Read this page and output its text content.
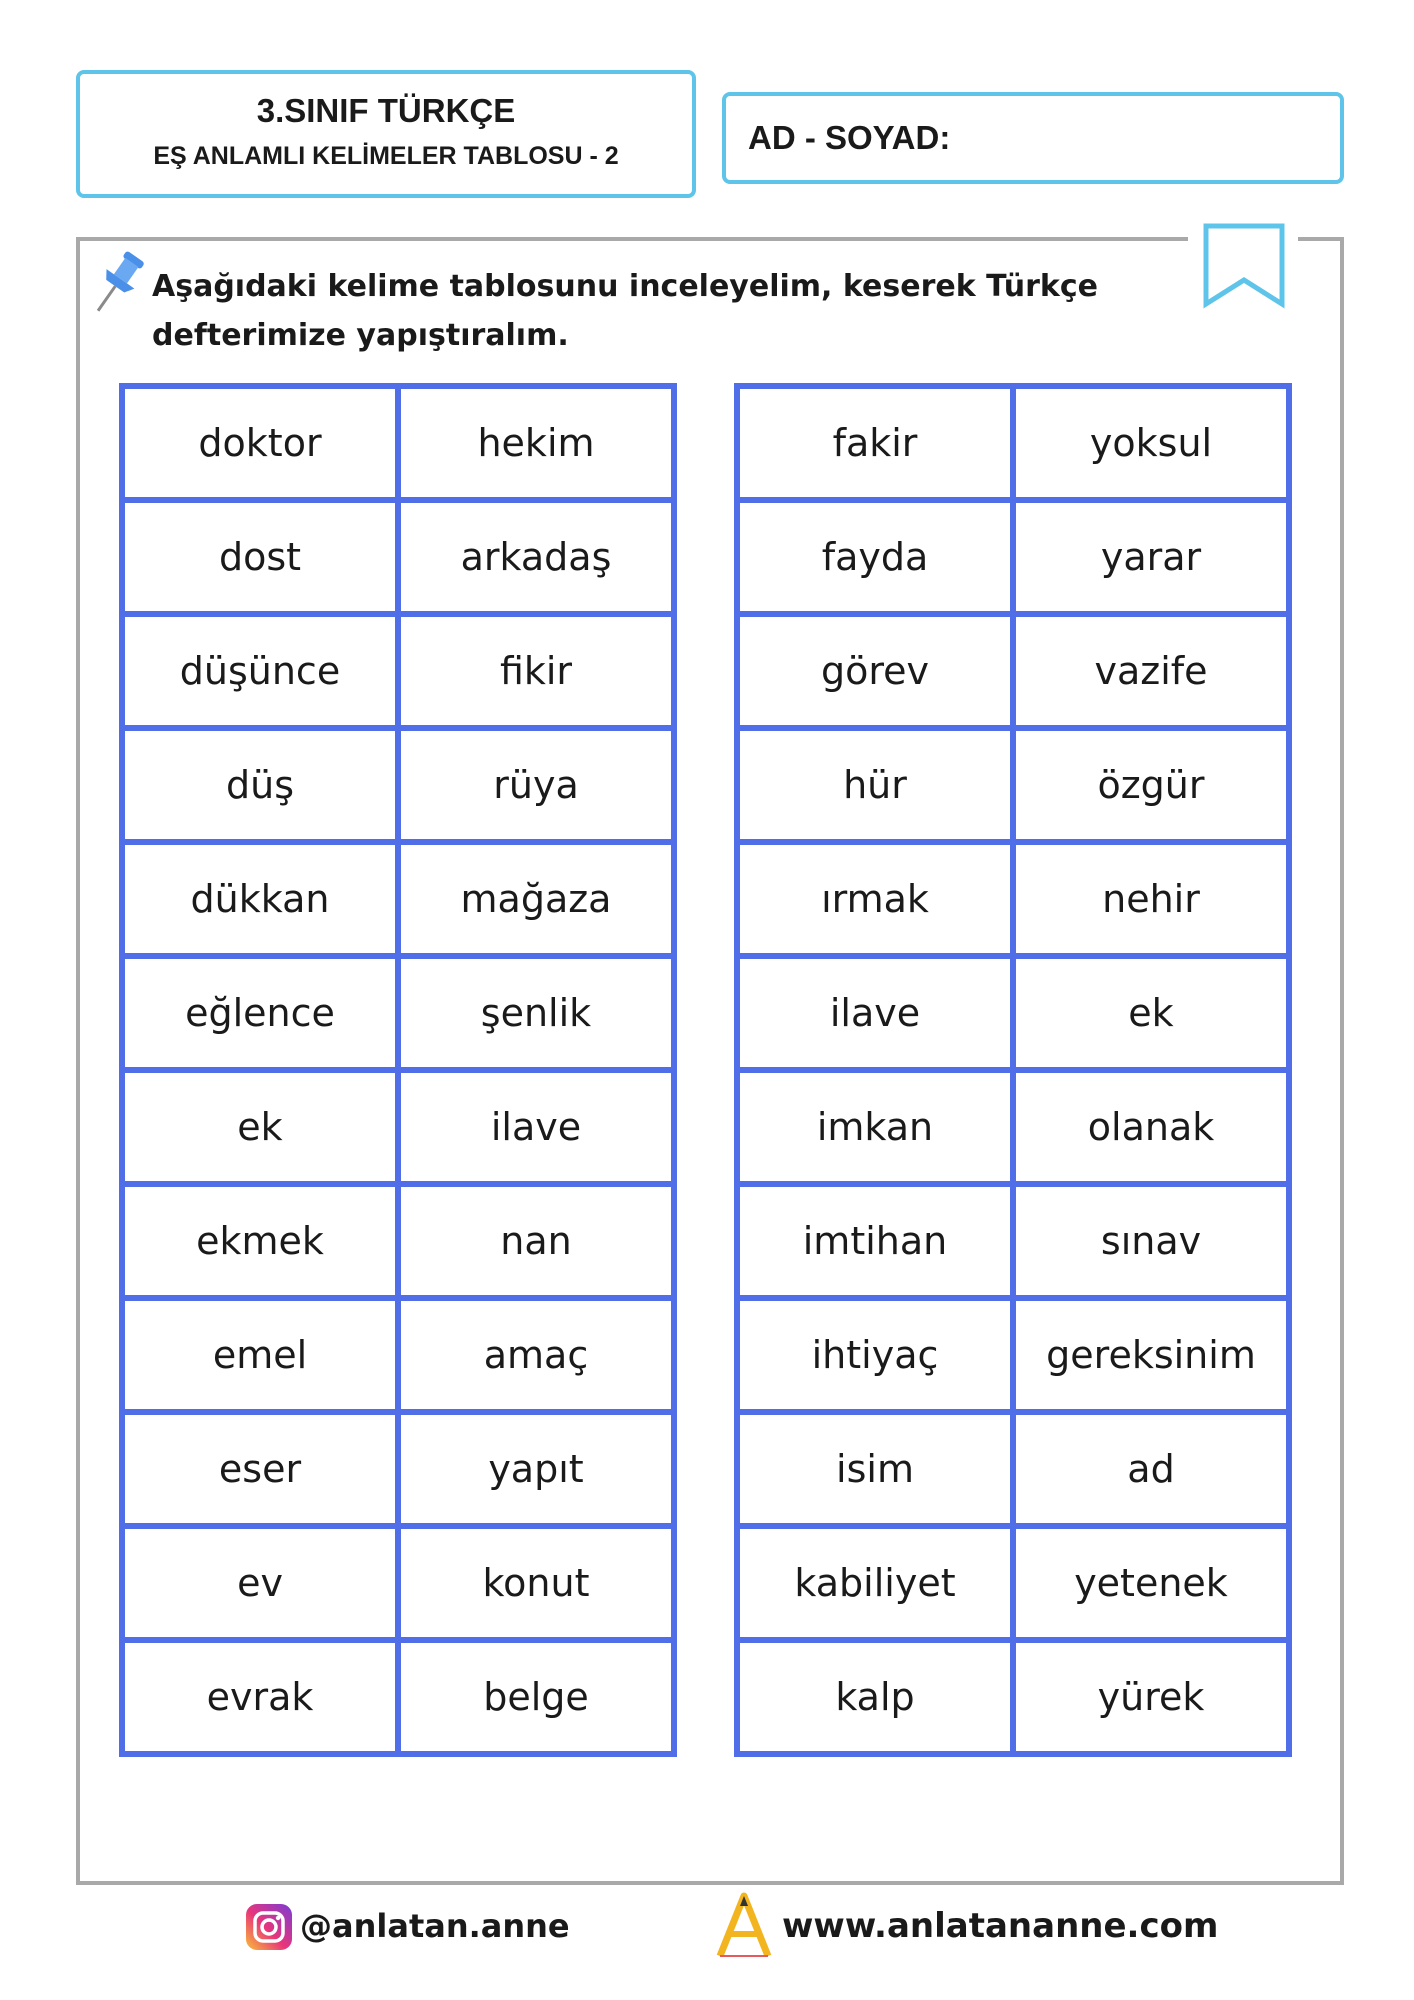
3.SINIF TÜRKÇE
EŞ ANLAMLI KELİMELER TABLOSU - 2	AD - SOYAD:
Aşağıdaki kelime tablosunu inceleyelim, keserek Türkçe
defterimize yapıştıralım.
doktor	hekim
dost	arkadaş
düşünce	fikir
düş	rüya
dükkan	mağaza
eğlence	şenlik
ek	ilave
ekmek	nan
emel	amaç
eser	yapıt
ev	konut
evrak	belge
fakir	yoksul
fayda	yarar
görev	vazife
hür	özgür
ırmak	nehir
ilave	ek
imkan	olanak
imtihan	sınav
ihtiyaç	gereksinim
isim	ad
kabiliyet	yetenek
kalp	yürek
@anlatan.anne	www.anlatananne.com
